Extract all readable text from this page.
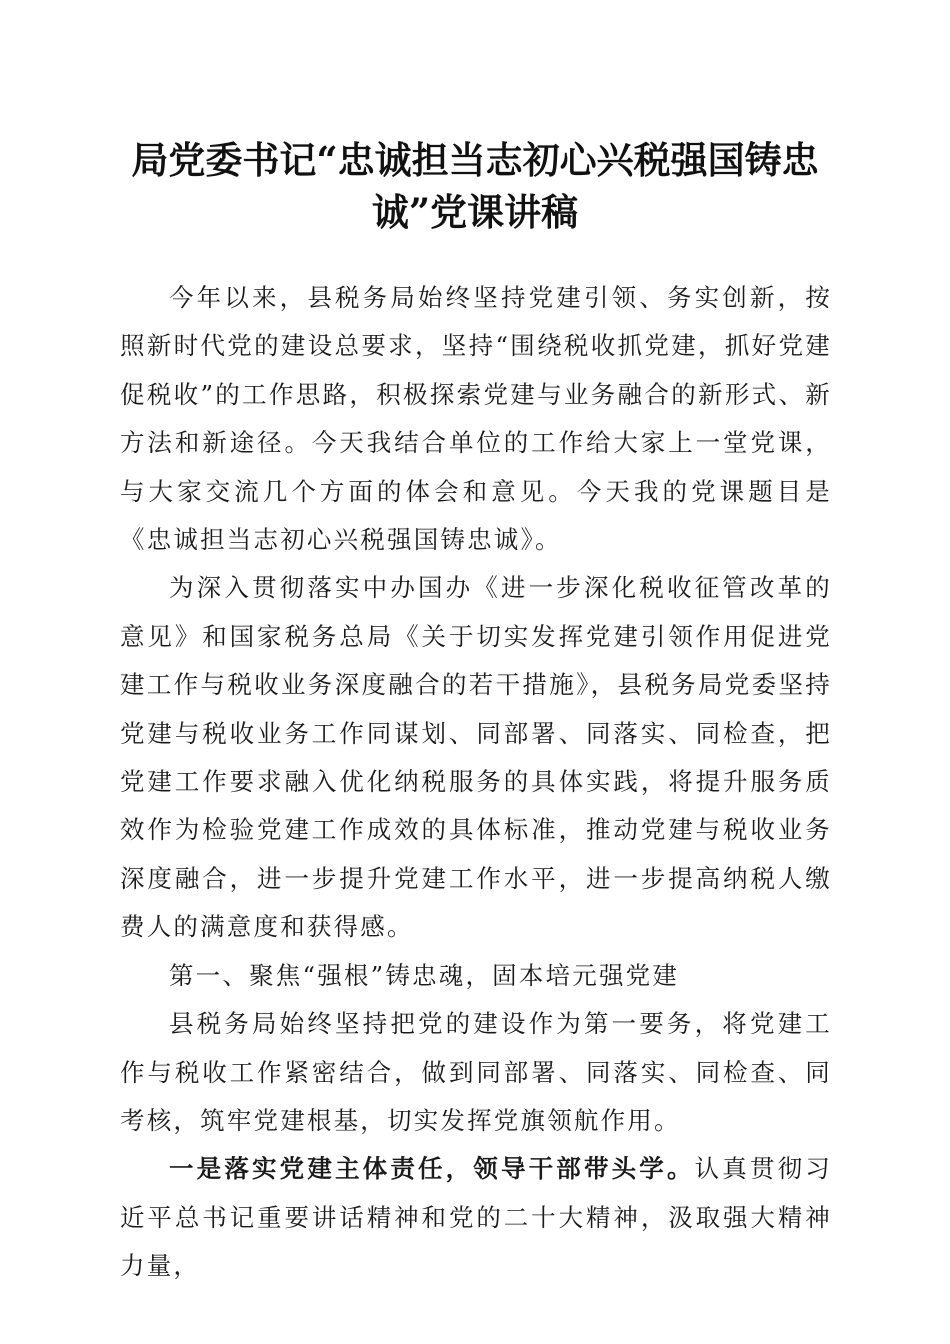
局党委书记“忠诚担当志初心兴税强国铸忠诚”党课讲稿

今年以来，县税务局始终坚持党建引领、务实创新，按照新时代党的建设总要求，坚持“围绕税收抓党建，抓好党建促税收”的工作思路，积极探索党建与业务融合的新形式、新方法和新途径。今天我结合单位的工作给大家上一堂党课，与大家交流几个方面的体会和意见。今天我的党课题目是《忠诚担当志初心兴税强国铸忠诚》。

为深入贯彻落实中办国办《进一步深化税收征管改革的意见》和国家税务总局《关于切实发挥党建引领作用促进党建工作与税收业务深度融合的若干措施》，县税务局党委坚持党建与税收业务工作同谋划、同部署、同落实、同检查，把党建工作要求融入优化纳税服务的具体实践，将提升服务质效作为检验党建工作成效的具体标准，推动党建与税收业务深度融合，进一步提升党建工作水平，进一步提高纳税人缴费人的满意度和获得感。

第一、聚焦“强根”铸忠魂，固本培元强党建

县税务局始终坚持把党的建设作为第一要务，将党建工作与税收工作紧密结合，做到同部署、同落实、同检查、同考核，筑牢党建根基，切实发挥党旗领航作用。

一是落实党建主体责任，领导干部带头学。认真贯彻习近平总书记重要讲话精神和党的二十大精神，汲取强大精神力量，
